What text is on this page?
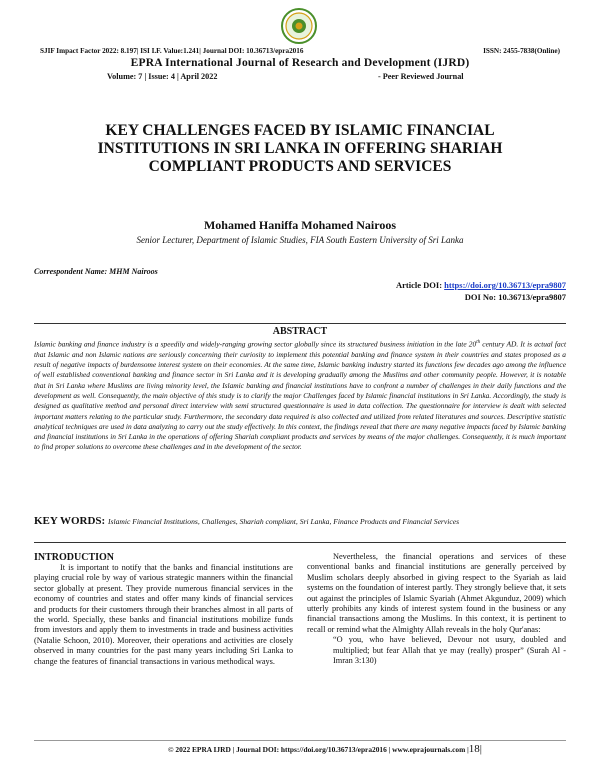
SJIF Impact Factor 2022: 8.197| ISI I.F. Value:1.241| Journal DOI: 10.36713/epra2016	ISSN: 2455-7838(Online)
EPRA International Journal of Research and Development (IJRD)
Volume: 7 | Issue: 4 | April 2022	- Peer Reviewed Journal
KEY CHALLENGES FACED BY ISLAMIC FINANCIAL
INSTITUTIONS IN SRI LANKA IN OFFERING SHARIAH
COMPLIANT PRODUCTS AND SERVICES
Mohamed Haniffa Mohamed Nairoos
Senior Lecturer, Department of Islamic Studies, FIA South Eastern University of Sri Lanka
Correspondent Name: MHM Nairoos
Article DOI: https://doi.org/10.36713/epra9807
DOI No: 10.36713/epra9807
ABSTRACT
Islamic banking and finance industry is a speedily and widely-ranging growing sector globally since its structured business initiation in the late 20th century AD. It is actual fact that Islamic and non Islamic nations are seriously concerning their curiosity to implement this potential banking and finance system in their countries and states proposed as a result of negative impacts of burdensome interest system on their economies. At the same time, Islamic banking industry started its functions few decades ago among the influence of well established conventional banking and finance sector in Sri Lanka and it is developing gradually among the Muslims and other community people. However, it is notable that in Sri Lanka where Muslims are living minority level, the Islamic banking and financial institutions have to confront a number of challenges in their daily functions and the development as well. Consequently, the main objective of this study is to clarify the major Challenges faced by Islamic financial institutions in Sri Lanka. Accordingly, the study is designed as qualitative method and personal direct interview with semi structured questionnaire is used in data collection. The questionnaire for interview is dealt with selected important matters relating to the particular study. Furthermore, the secondary data required is also collected and utilized from related literatures and sources. Descriptive statistic analytical techniques are used in data analyzing to carry out the study effectively. In this context, the findings reveal that there are many negative impacts faced by Islamic banking and financial institutions in Sri Lanka in the operations of offering Shariah compliant products and services by means of the major challenges. Consequently, it is much important to find proper solutions to overcome these challenges and in the development of the sector.
KEY WORDS: Islamic Financial Institutions, Challenges, Shariah compliant, Sri Lanka, Finance Products and Financial Services
INTRODUCTION

It is important to notify that the banks and financial institutions are playing crucial role by way of various strategic manners within the financial sector globally at present. They provide numerous financial services in the economy of countries and states and offer many kinds of financial services and products for their customers through their branches almost in all parts of the world. Specially, these banks and financial institutions mobilize funds from investors and apply them to investments in trade and business activities (Natalie Schoon, 2010). Moreover, their operations and activities are closely observed in many countries for the past many years including Sri Lanka to change the features of financial transactions in various methodical ways.

Nevertheless, the financial operations and services of these conventional banks and financial institutions are generally perceived by Muslim scholars deeply absorbed in giving respect to the Syariah as laid systems on the foundation of interest partly. They strongly believe that, it sets out against the principles of Islamic Syariah (Ahmet Akgunduz, 2009) which utterly prohibits any kinds of interest system found in the business or any financial transactions among the Muslims. In this context, it is pertinent to recall or remind what the Almighty Allah reveals in the holy Qur'anas:

“O you, who have believed, Devour not usury, doubled and multiplied; but fear Allah that ye may (really) prosper” (Surah Al - Imran 3:130)

© 2022 EPRA IJRD | Journal DOI: https://doi.org/10.36713/epra2016 | www.eprajournals.com |18|
